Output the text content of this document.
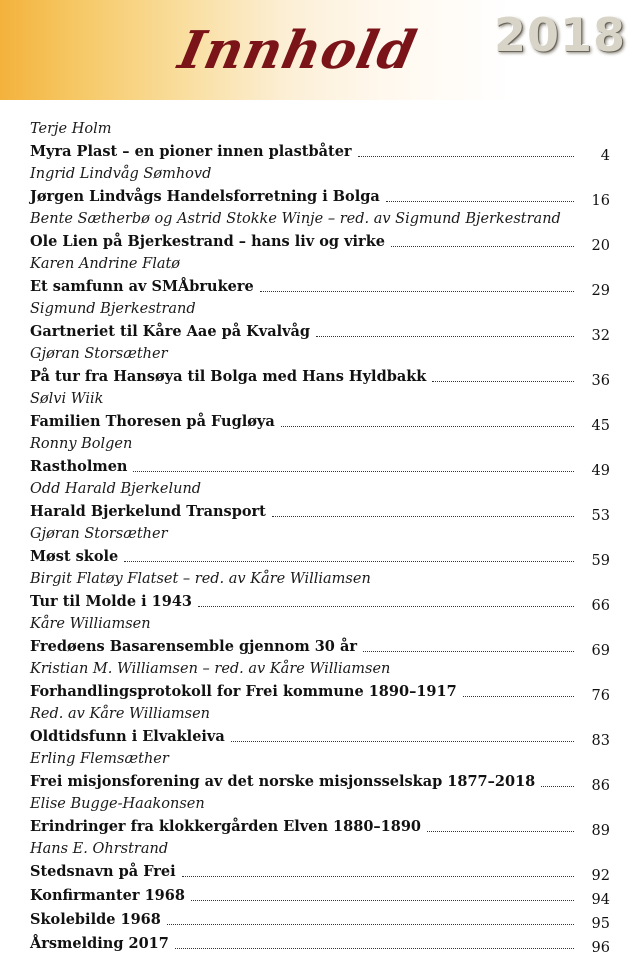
Innhold 2018
Terje Holm
Myra Plast – en pioner innen plastbåter	4
Ingrid Lindvåg Sømhovd
Jørgen Lindvågs Handelsforretning i Bolga	16
Bente Sætherbø og Astrid Stokke Winje – red. av Sigmund Bjerkestrand
Ole Lien på Bjerkestrand – hans liv og virke	20
Karen Andrine Flatø
Et samfunn av SMÅbrukere	29
Sigmund Bjerkestrand
Gartneriet til Kåre Aae på Kvalvåg	32
Gjøran Storsæther
På tur fra Hansøya til Bolga med Hans Hyldbakk	36
Sølvi Wiik
Familien Thoresen på Fugløya	45
Ronny Bolgen
Rastholmen	49
Odd Harald Bjerkelund
Harald Bjerkelund Transport	53
Gjøran Storsæther
Møst skole	59
Birgit Flatøy Flatset – red. av Kåre Williamsen
Tur til Molde i 1943	66
Kåre Williamsen
Fredøens Basarensemble gjennom 30 år	69
Kristian M. Williamsen – red. av Kåre Williamsen
Forhandlingsprotokoll for Frei kommune 1890–1917	76
Red. av Kåre Williamsen
Oldtidsfunn i Elvakleiva	83
Erling Flemsæther
Frei misjonsforening av det norske misjonsselskap 1877–2018	86
Elise Bugge-Haakonsen
Erindringer fra klokkergården Elven 1880–1890	89
Hans E. Ohrstrand
Stedsnavn på Frei	92
Konfirmanter 1968	94
Skolebilde 1968	95
Årsmelding 2017	96
